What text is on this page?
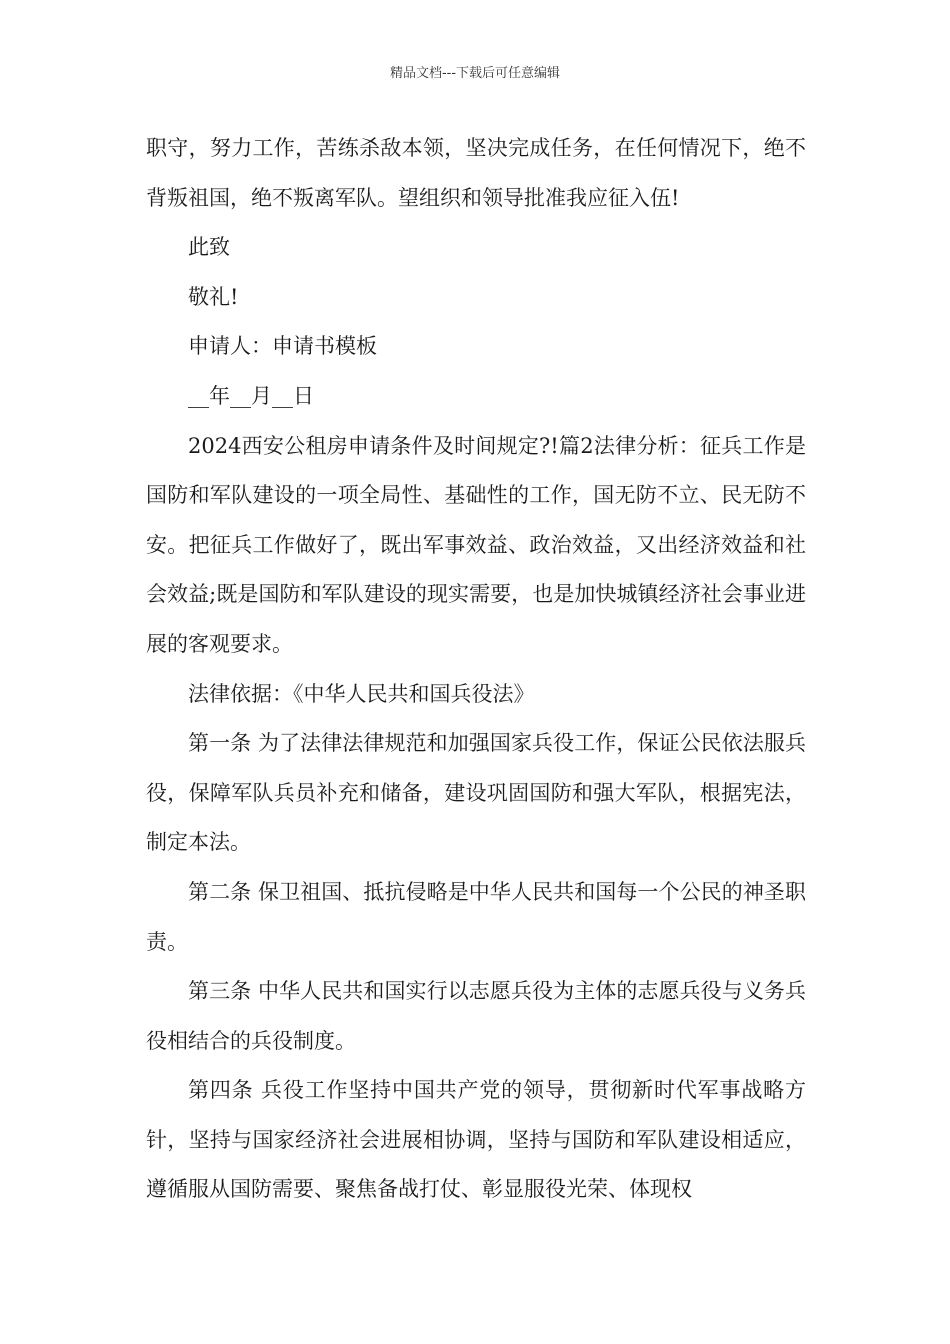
精品文档---下载后可任意编辑

职守，努力工作，苦练杀敌本领，坚决完成任务，在任何情况下，绝不背叛祖国，绝不叛离军队。望组织和领导批准我应征入伍!

此致

敬礼!

申请人：申请书模板

__年__月__日

2024西安公租房申请条件及时间规定?!篇2法律分析：征兵工作是国防和军队建设的一项全局性、基础性的工作，国无防不立、民无防不安。把征兵工作做好了，既出军事效益、政治效益，又出经济效益和社会效益;既是国防和军队建设的现实需要，也是加快城镇经济社会事业进展的客观要求。

法律依据：《中华人民共和国兵役法》

第一条 为了法律法律规范和加强国家兵役工作，保证公民依法服兵役，保障军队兵员补充和储备，建设巩固国防和强大军队，根据宪法，制定本法。

第二条 保卫祖国、抵抗侵略是中华人民共和国每一个公民的神圣职责。

第三条 中华人民共和国实行以志愿兵役为主体的志愿兵役与义务兵役相结合的兵役制度。

第四条 兵役工作坚持中国共产党的领导，贯彻新时代军事战略方针，坚持与国家经济社会进展相协调，坚持与国防和军队建设相适应，遵循服从国防需要、聚焦备战打仗、彰显服役光荣、体现权
